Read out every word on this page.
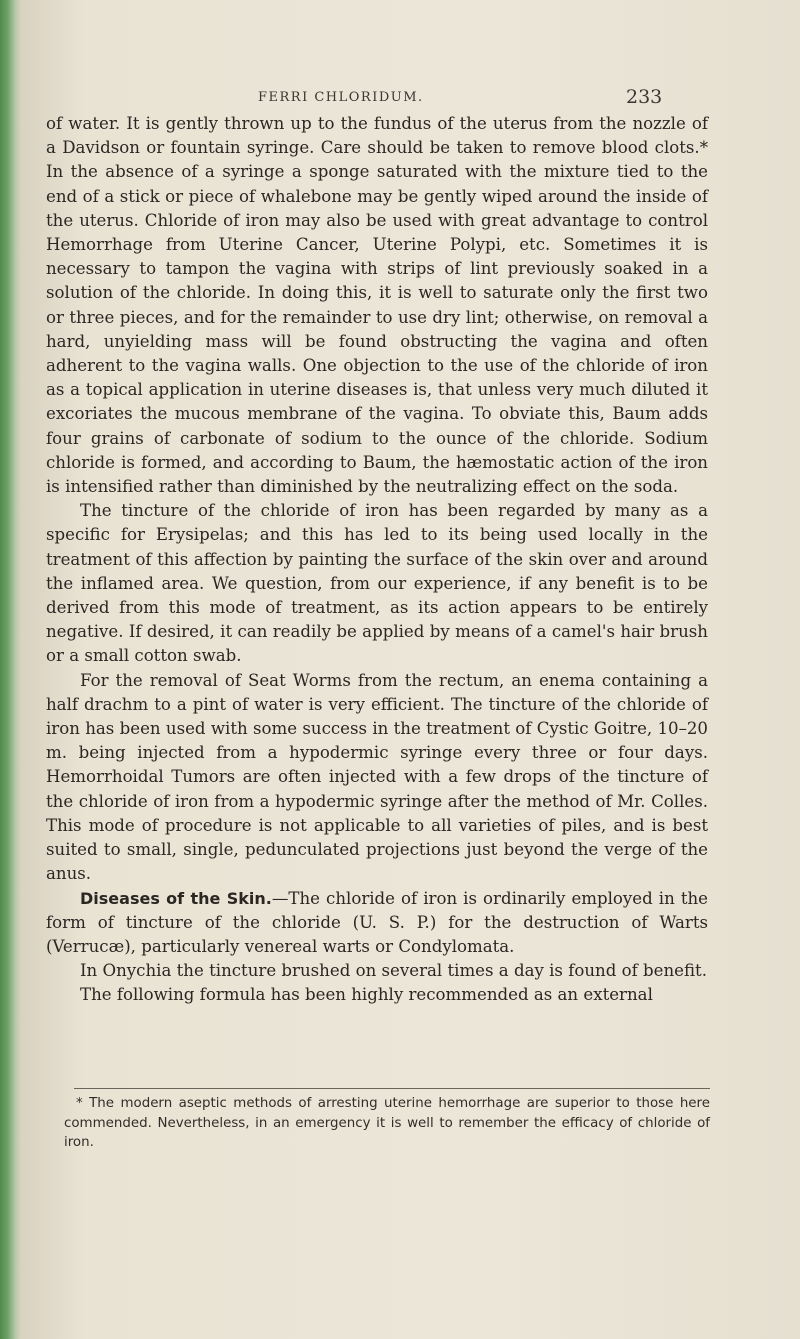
FERRI CHLORIDUM.	233

of water. It is gently thrown up to the fundus of the uterus from the nozzle of a Davidson or fountain syringe. Care should be taken to remove blood clots.* In the absence of a syringe a sponge saturated with the mixture tied to the end of a stick or piece of whalebone may be gently wiped around the inside of the uterus. Chloride of iron may also be used with great advantage to control Hemorrhage from Uterine Cancer, Uterine Polypi, etc. Sometimes it is necessary to tampon the vagina with strips of lint previously soaked in a solution of the chloride. In doing this, it is well to saturate only the first two or three pieces, and for the remainder to use dry lint; otherwise, on removal a hard, unyielding mass will be found obstructing the vagina and often adherent to the vagina walls. One objection to the use of the chloride of iron as a topical application in uterine diseases is, that unless very much diluted it excoriates the mucous membrane of the vagina. To obviate this, Baum adds four grains of carbonate of sodium to the ounce of the chloride. Sodium chloride is formed, and according to Baum, the hæmostatic action of the iron is intensified rather than diminished by the neutralizing effect on the soda.

The tincture of the chloride of iron has been regarded by many as a specific for Erysipelas; and this has led to its being used locally in the treatment of this affection by painting the surface of the skin over and around the inflamed area. We question, from our experience, if any benefit is to be derived from this mode of treatment, as its action appears to be entirely negative. If desired, it can readily be applied by means of a camel's hair brush or a small cotton swab.

For the removal of Seat Worms from the rectum, an enema containing a half drachm to a pint of water is very efficient. The tincture of the chloride of iron has been used with some success in the treatment of Cystic Goitre, 10–20 m. being injected from a hypodermic syringe every three or four days. Hemorrhoidal Tumors are often injected with a few drops of the tincture of the chloride of iron from a hypodermic syringe after the method of Mr. Colles. This mode of procedure is not applicable to all varieties of piles, and is best suited to small, single, pedunculated projections just beyond the verge of the anus.

Diseases of the Skin.—The chloride of iron is ordinarily employed in the form of tincture of the chloride (U. S. P.) for the destruction of Warts (Verrucæ), particularly venereal warts or Condylomata.

In Onychia the tincture brushed on several times a day is found of benefit.

The following formula has been highly recommended as an external

* The modern aseptic methods of arresting uterine hemorrhage are superior to those here commended. Nevertheless, in an emergency it is well to remember the efficacy of chloride of iron.
